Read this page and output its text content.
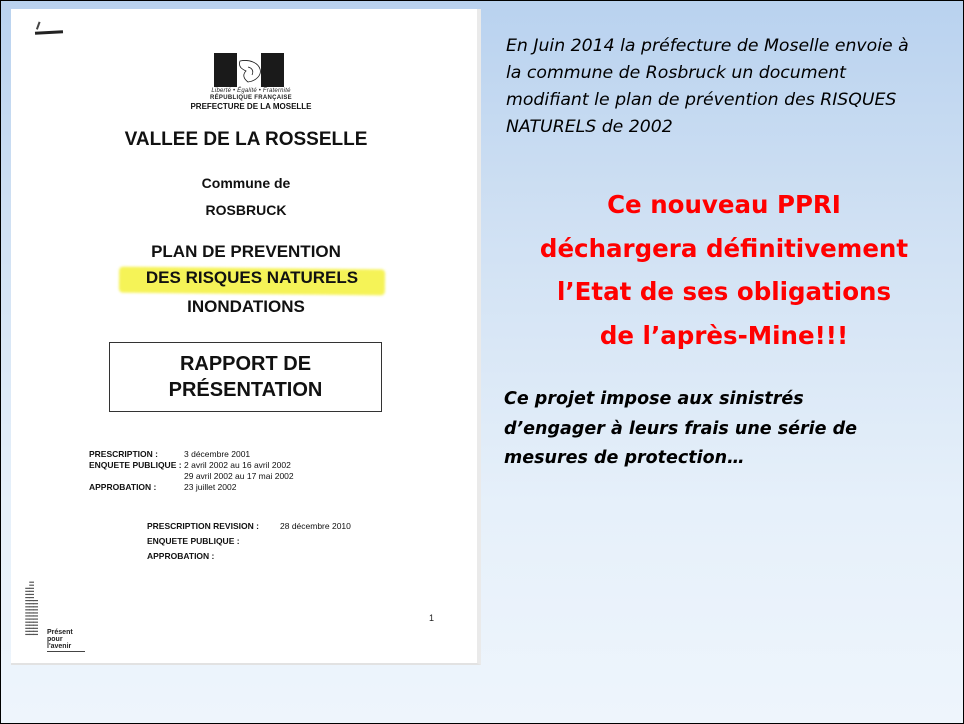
Liberté • Égalité • Fraternité
RÉPUBLIQUE FRANÇAISE
PREFECTURE DE LA MOSELLE
VALLEE DE LA ROSSELLE
Commune de
ROSBRUCK
PLAN DE PREVENTION
DES RISQUES NATURELS
INONDATIONS
RAPPORT DE
PRÉSENTATION
PRESCRIPTION :	3 décembre 2001
ENQUETE PUBLIQUE : 2 avril 2002 au 16 avril 2002
29 avril 2002 au 17 mai 2002
APPROBATION :	23 juillet 2002
PRESCRIPTION REVISION : 28 décembre 2010
ENQUETE PUBLIQUE :
APPROBATION :
▍▍▍▍▍▍▍▍▍▍▍▍▍▍▍▍ ▍▍▍▍▍▍▍▍▍▍▍▍▍▍▍▍▍▍ ▍▍▍▍▍▍▍▍▍▍▍▍ Présent
pour
l'avenir
1
En Juin 2014 la préfecture de Moselle envoie à la commune de Rosbruck un document modifiant le plan de prévention des RISQUES NATURELS de 2002
Ce nouveau PPRI
déchargera définitivement
l’Etat de ses obligations
de l’après-Mine!!!
Ce projet impose aux sinistrés
d’engager à leurs frais une série de
mesures de protection…
